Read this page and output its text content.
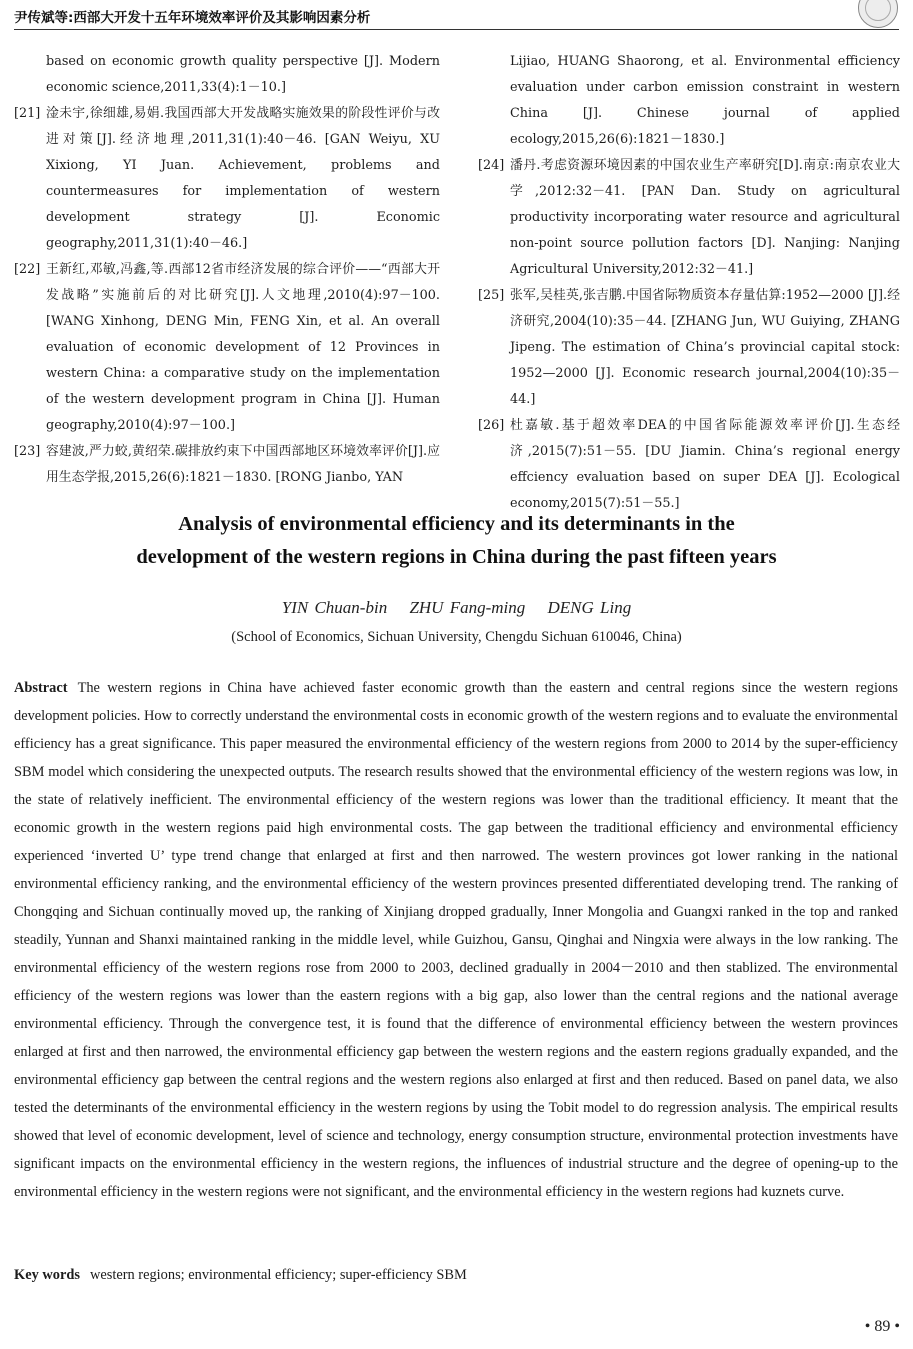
尹传斌等:西部大开发十五年环境效率评价及其影响因素分析

based on economic growth quality perspective [J]. Modern economic science,2011,33(4):1－10.]

[21] 淦未宇,徐细雄,易娟.我国西部大开发战略实施效果的阶段性评价与改进对策[J].经济地理,2011,31(1):40－46. [GAN Weiyu, XU Xixiong, YI Juan. Achievement, problems and countermeasures for implementation of western development strategy [J]. Economic geography,2011,31(1):40－46.]

[22] 王新红,邓敏,冯鑫,等.西部12省市经济发展的综合评价——“西部大开发战略”实施前后的对比研究[J].人文地理,2010(4):97－100. [WANG Xinhong, DENG Min, FENG Xin, et al. An overall evaluation of economic development of 12 Provinces in western China: a comparative study on the implementation of the western development program in China [J]. Human geography,2010(4):97－100.]

[23] 容建波,严力蛟,黄绍荣.碳排放约束下中国西部地区环境效率评价[J].应用生态学报,2015,26(6):1821－1830. [RONG Jianbo, YAN

Lijiao, HUANG Shaorong, et al. Environmental efficiency evaluation under carbon emission constraint in western China [J]. Chinese journal of applied ecology,2015,26(6):1821－1830.]

[24] 潘丹.考虑资源环境因素的中国农业生产率研究[D].南京:南京农业大学,2012:32－41. [PAN Dan. Study on agricultural productivity incorporating water resource and agricultural non-point source pollution factors [D]. Nanjing: Nanjing Agricultural University,2012:32－41.]

[25] 张军,吴桂英,张吉鹏.中国省际物质资本存量估算:1952—2000 [J].经济研究,2004(10):35－44. [ZHANG Jun, WU Guiying, ZHANG Jipeng. The estimation of China’s provincial capital stock: 1952—2000 [J]. Economic research journal,2004(10):35－44.]

[26] 杜嘉敏.基于超效率DEA的中国省际能源效率评价[J].生态经济,2015(7):51－55. [DU Jiamin. China’s regional energy effciency evaluation based on super DEA [J]. Ecological economy,2015(7):51－55.]

Analysis of environmental efficiency and its determinants in the
development of the western regions in China during the past fifteen years
YIN Chuan-bin ZHU Fang-ming DENG Ling
(School of Economics, Sichuan University, Chengdu Sichuan 610046, China)

Abstract The western regions in China have achieved faster economic growth than the eastern and central regions since the western regions development policies. How to correctly understand the environmental costs in economic growth of the western regions and to evaluate the environmental efficiency has a great significance. This paper measured the environmental efficiency of the western regions from 2000 to 2014 by the super-efficiency SBM model which considering the unexpected outputs. The research results showed that the environmental efficiency of the western regions was low, in the state of relatively inefficient. The environmental efficiency of the western regions was lower than the traditional efficiency. It meant that the economic growth in the western regions paid high environmental costs. The gap between the traditional efficiency and environmental efficiency experienced ‘inverted U’ type trend change that enlarged at first and then narrowed. The western provinces got lower ranking in the national environmental efficiency ranking, and the environmental efficiency of the western provinces presented differentiated developing trend. The ranking of Chongqing and Sichuan continually moved up, the ranking of Xinjiang dropped gradually, Inner Mongolia and Guangxi ranked in the top and ranked steadily, Yunnan and Shanxi maintained ranking in the middle level, while Guizhou, Gansu, Qinghai and Ningxia were always in the low ranking. The environmental efficiency of the western regions rose from 2000 to 2003, declined gradually in 2004－2010 and then stablized. The environmental efficiency of the western regions was lower than the eastern regions with a big gap, also lower than the central regions and the national average environmental efficiency. Through the convergence test, it is found that the difference of environmental efficiency between the western provinces enlarged at first and then narrowed, the environmental efficiency gap between the western regions and the eastern regions gradually expanded, and the environmental efficiency gap between the central regions and the western regions also enlarged at first and then reduced. Based on panel data, we also tested the determinants of the environmental efficiency in the western regions by using the Tobit model to do regression analysis. The empirical results showed that level of economic development, level of science and technology, energy consumption structure, environmental protection investments have significant impacts on the environmental efficiency in the western regions, the influences of industrial structure and the degree of opening-up to the environmental efficiency in the western regions were not significant, and the environmental efficiency in the western regions had kuznets curve.

Key words western regions; environmental efficiency; super-efficiency SBM

• 89 •
